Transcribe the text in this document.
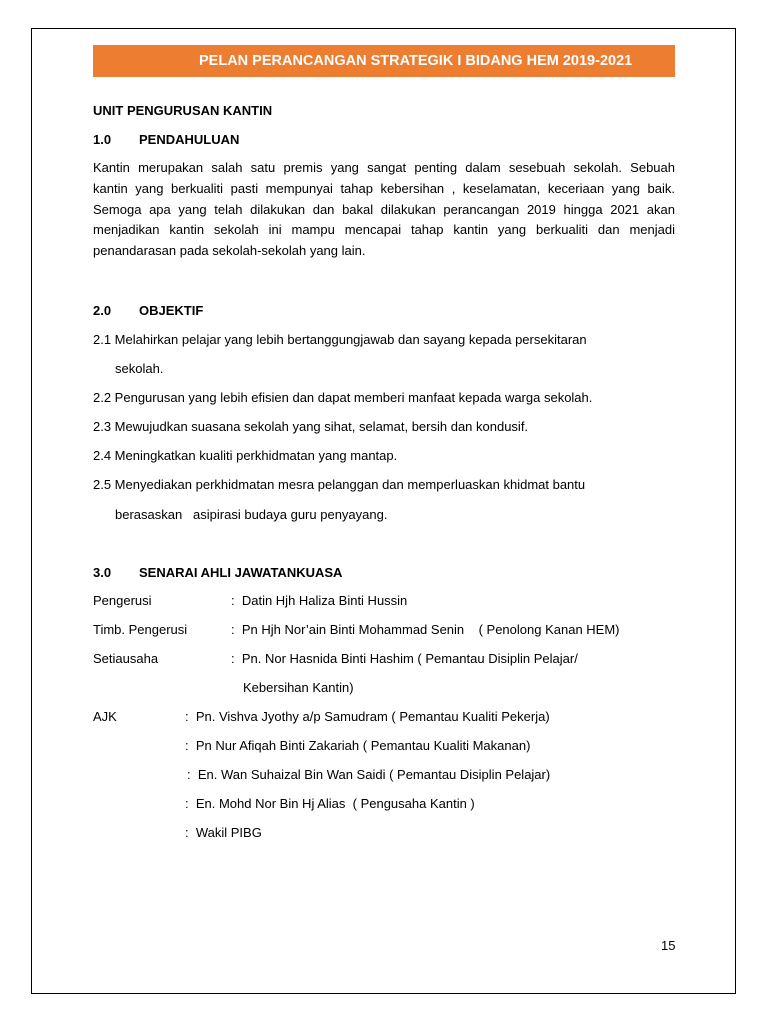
PELAN PERANCANGAN STRATEGIK I BIDANG HEM 2019-2021
UNIT PENGURUSAN KANTIN
1.0 PENDAHULUAN
Kantin merupakan salah satu premis yang sangat penting dalam sesebuah sekolah. Sebuah
kantin yang berkualiti pasti mempunyai tahap kebersihan , keselamatan, keceriaan yang baik.
Semoga apa yang telah dilakukan dan bakal dilakukan perancangan 2019 hingga 2021 akan
menjadikan kantin sekolah ini mampu mencapai tahap kantin yang berkualiti dan menjadi
penandarasan pada sekolah-sekolah yang lain.
2.0 OBJEKTIF
2.1 Melahirkan pelajar yang lebih bertanggungjawab dan sayang kepada persekitaran
sekolah.
2.2 Pengurusan yang lebih efisien dan dapat memberi manfaat kepada warga sekolah.
2.3 Mewujudkan suasana sekolah yang sihat, selamat, bersih dan kondusif.
2.4 Meningkatkan kualiti perkhidmatan yang mantap.
2.5 Menyediakan perkhidmatan mesra pelanggan dan memperluaskan khidmat bantu
berasaskan   asipirasi budaya guru penyayang.
3.0 SENARAI AHLI JAWATANKUASA
Pengerusi	:  Datin Hjh Haliza Binti Hussin
Timb. Pengerusi	:  Pn Hjh Nor’ain Binti Mohammad Senin    ( Penolong Kanan HEM)
Setiausaha	:  Pn. Nor Hasnida Binti Hashim ( Pemantau Disiplin Pelajar/
Kebersihan Kantin)
AJK	:  Pn. Vishva Jyothy a/p Samudram ( Pemantau Kualiti Pekerja)
:  Pn Nur Afiqah Binti Zakariah ( Pemantau Kualiti Makanan)
:  En. Wan Suhaizal Bin Wan Saidi ( Pemantau Disiplin Pelajar)
:  En. Mohd Nor Bin Hj Alias  ( Pengusaha Kantin )
:  Wakil PIBG
15
